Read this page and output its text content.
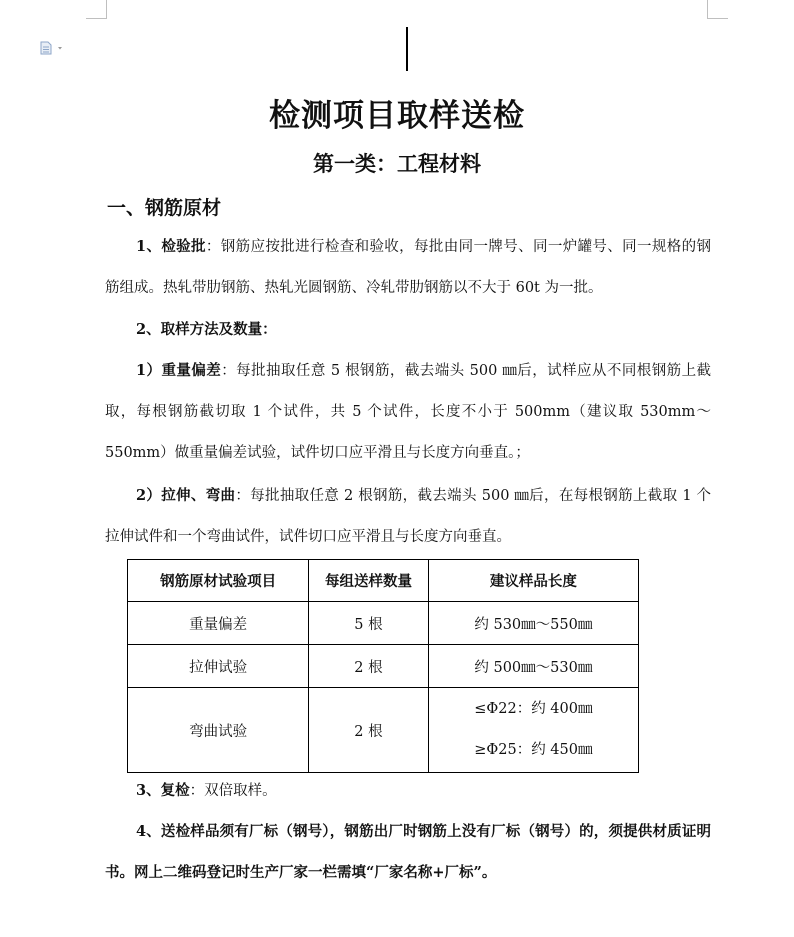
检测项目取样送检
第一类：工程材料
一、钢筋原材
1、检验批：钢筋应按批进行检查和验收，每批由同一牌号、同一炉罐号、同一规格的钢筋组成。热轧带肋钢筋、热轧光圆钢筋、冷轧带肋钢筋以不大于 60t 为一批。
2、取样方法及数量：
1）重量偏差：每批抽取任意 5 根钢筋，截去端头 500 ㎜后，试样应从不同根钢筋上截取，每根钢筋截切取 1 个试件，共 5 个试件，长度不小于 500mm（建议取 530mm～550mm）做重量偏差试验，试件切口应平滑且与长度方向垂直。；
2）拉伸、弯曲：每批抽取任意 2 根钢筋，截去端头 500 ㎜后，在每根钢筋上截取 1 个拉伸试件和一个弯曲试件，试件切口应平滑且与长度方向垂直。
钢筋原材试验项目	每组送样数量	建议样品长度
重量偏差	5 根	约 530㎜～550㎜
拉伸试验	2 根	约 500㎜～530㎜
弯曲试验	2 根	≤Φ22：约 400㎜
≥Φ25：约 450㎜
3、复检：双倍取样。
4、送检样品须有厂标（钢号），钢筋出厂时钢筋上没有厂标（钢号）的，须提供材质证明书。网上二维码登记时生产厂家一栏需填“厂家名称+厂标”。
